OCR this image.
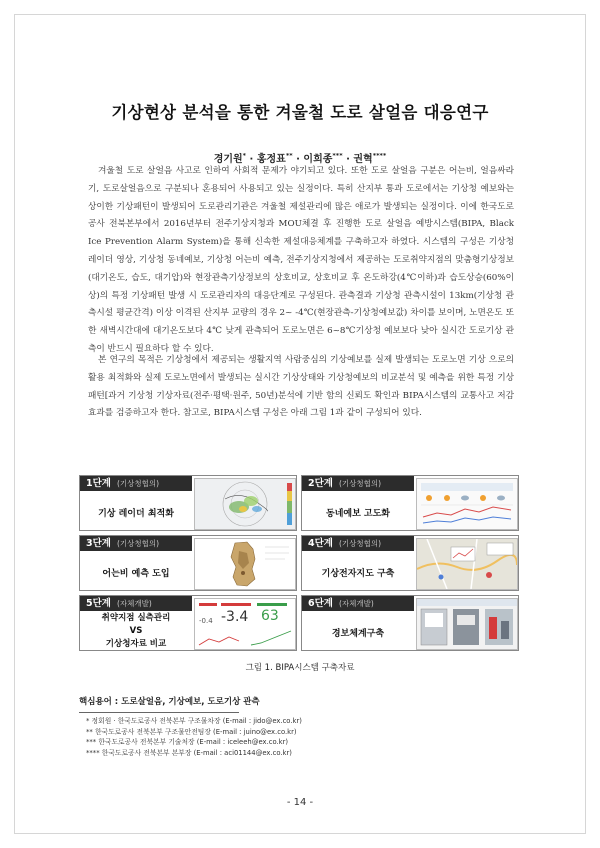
기상현상 분석을 통한 겨울철 도로 살얼음 대응연구
경기원* · 홍정표** · 이희종*** · 권혁****

겨울철 도로 살얼음 사고로 인하여 사회적 문제가 야기되고 있다. 또한 도로 살얼음 구분은 어는비, 얼음싸라기, 도로살얼음으로 구분되나 혼용되어 사용되고 있는 실정이다. 특히 산지부 통과 도로에서는 기상청 예보와는 상이한 기상패턴이 발생되어 도로관리기관은 겨울철 제설관리에 많은 애로가 발생되는 실정이다. 이에 한국도로공사 전북본부에서 2016년부터 전주기상지청과 MOU체결 후 진행한 도로 살얼음 예방시스템(BIPA, Black Ice Prevention Alarm System)을 통해 신속한 제설대응체계를 구축하고자 하였다. 시스템의 구성은 기상청 레이더 영상, 기상청 동네예보, 기상청 어는비 예측, 전주기상지청에서 제공하는 도로취약지점의 맞춤형기상정보(대기온도, 습도, 대기압)와 현장관측기상정보의 상호비교, 상호비교 후 온도하강(4℃이하)과 습도상승(60%이상)의 특정 기상패턴 발생 시 도로관리자의 대응단계로 구성된다. 관측결과 기상청 관측시설이 13km(기상청 관측시설 평균간격) 이상 이격된 산지부 교량의 경우 2~ -4℃(현장관측-기상청예보값) 차이를 보이며, 노면온도 또한 새벽시간대에 대기온도보다 4℃ 낮게 관측되어 도로노면은 6~8℃기상청 예보보다 낮아 실시간 도로기상 관측이 반드시 필요하다 할 수 있다.

본 연구의 목적은 기상청에서 제공되는 생활지역 사람중심의 기상예보를 실제 발생되는 도로노면 기상 으로의 활용 최적화와 실제 도로노면에서 발생되는 실시간 기상상태와 기상청예보의 비교분석 및 예측을 위한 특정 기상패턴[과거 기상청 기상자료(전주·평택·원주, 50년)분석에 기반 함의 신뢰도 확인과 BIPA시스템의 교통사고 저감효과를 검증하고자 한다. 참고로, BIPA시스템 구성은 아래 그림 1과 같이 구성되어 있다.

1단계 (기상청협의)
기상 레이더 최적화
2단계 (기상청협의)
동네예보 고도화
3단계 (기상청협의)
어는비 예측 도입
4단계 (기상청협의)
기상전자지도 구축
5단계 (자체개발)
취약지점 실측관리
VS
기상청자료 비교
-0.4 -3.4 63
6단계 (자체개발)
경보체계구축
그림 1. BIPA시스템 구축자료
핵심용어 : 도로살얼음, 기상예보, 도로기상 관측
* 정회원 · 한국도로공사 전북본부 구조물차장 (E-mail : jido@ex.co.kr)
** 한국도로공사 전북본부 구조물안전팀장 (E-mail : juino@ex.co.kr)
*** 한국도로공사 전북본부 기술처장 (E-mail : iceleeh@ex.co.kr)
**** 한국도로공사 전북본부 본부장 (E-mail : aci01144@ex.co.kr)
- 14 -
